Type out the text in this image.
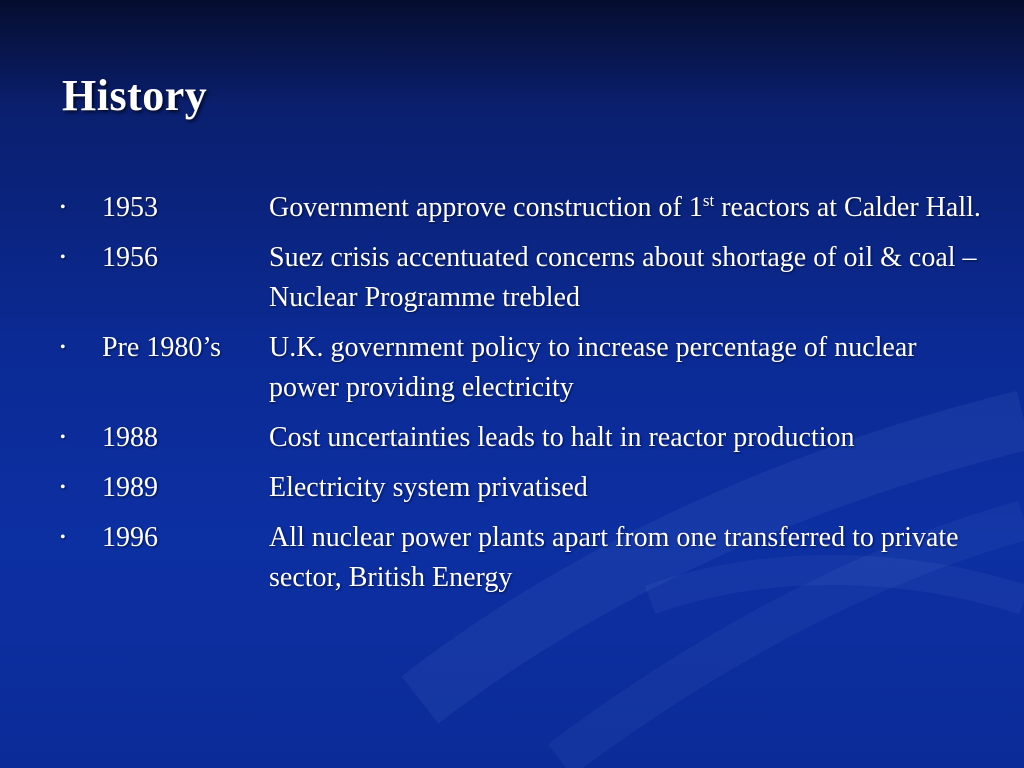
History
•	1953	Government approve construction of 1st reactors at Calder Hall.
•	1956	Suez crisis accentuated concerns about shortage of oil & coal – Nuclear Programme trebled
•	Pre 1980’s	U.K. government policy to increase percentage of nuclear power providing electricity
•	1988	Cost uncertainties leads to halt in reactor production
•	1989	Electricity system privatised
•	1996	All nuclear power plants apart from one transferred to private sector, British Energy
